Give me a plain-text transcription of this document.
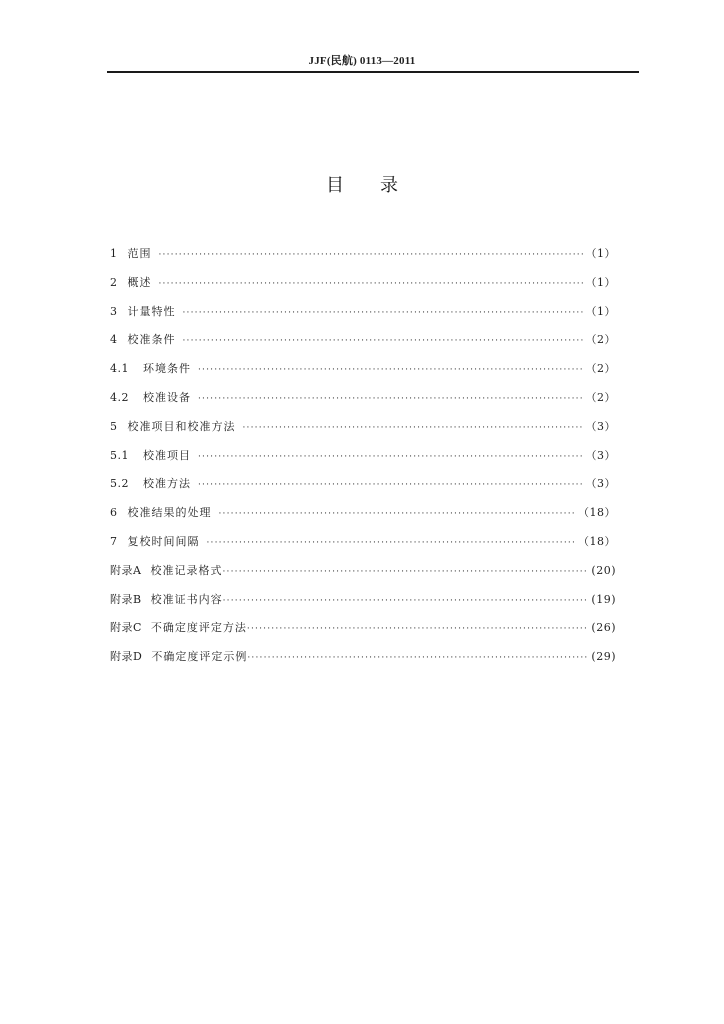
JJF(民航) 0113—2011
目录
1 范围 ·····	（1）
2 概述 ·····	（1）
3 计量特性 ·····	（1）
4 校准条件 ·····	（2）
4.1 环境条件 ·····	（2）
4.2 校准设备 ·····	（2）
5 校准项目和校准方法 ·····	（3）
5.1 校准项目 ·····	（3）
5.2 校准方法 ·····	（3）
6 校准结果的处理 ·····	（18）
7 复校时间间隔 ·····	（18）
附录A 校准记录格式 ·····	(20)
附录B 校准证书内容 ·····	(19)
附录C 不确定度评定方法 ·····	(26)
附录D 不确定度评定示例 ·····	(29)
